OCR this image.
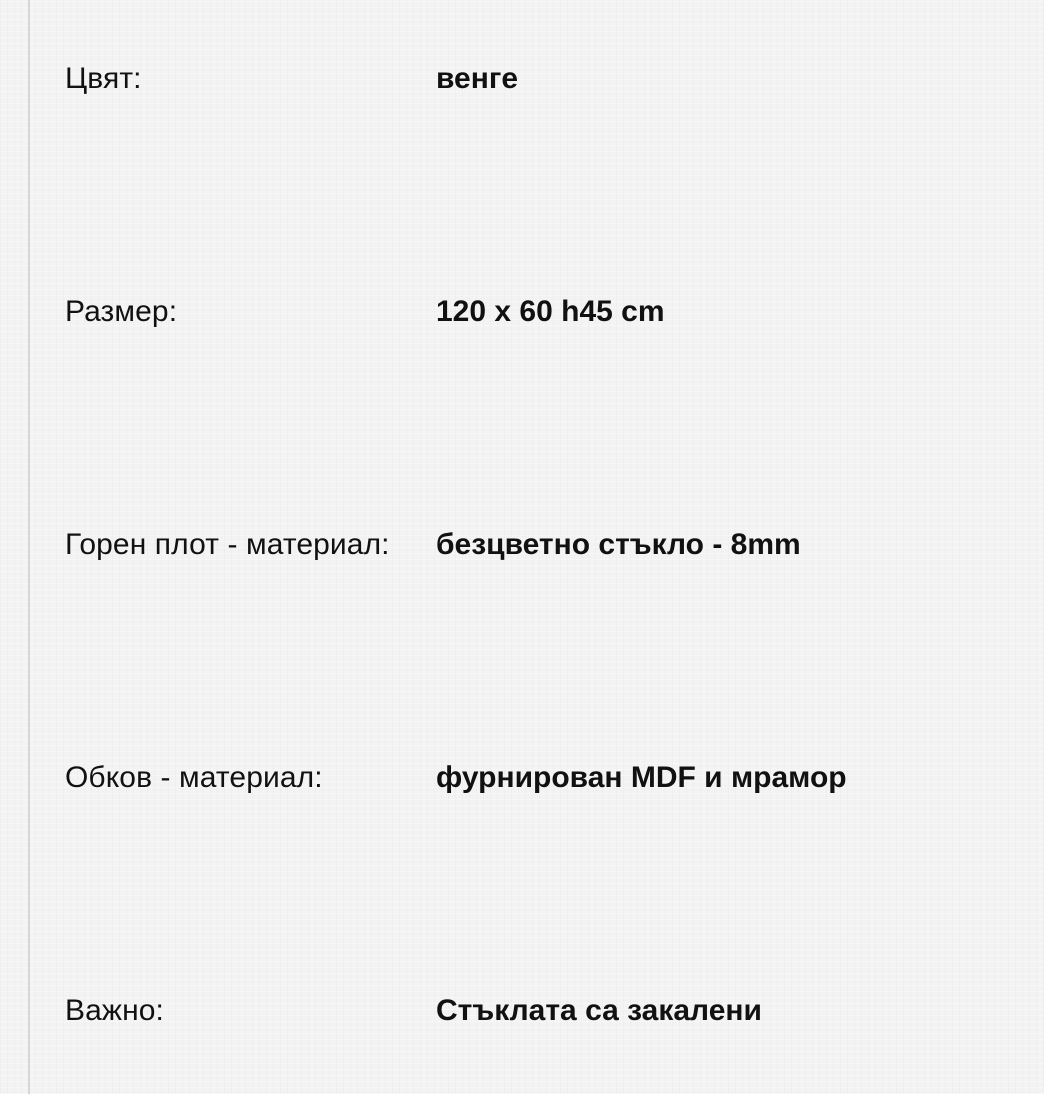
Цвят:	венге
Размер:	120 x 60 h45 cm
Горен плот - материал:	безцветно стъкло - 8mm
Обков - материал:	фурнирован MDF и мрамор
Важно:	Стъклата са закалени
